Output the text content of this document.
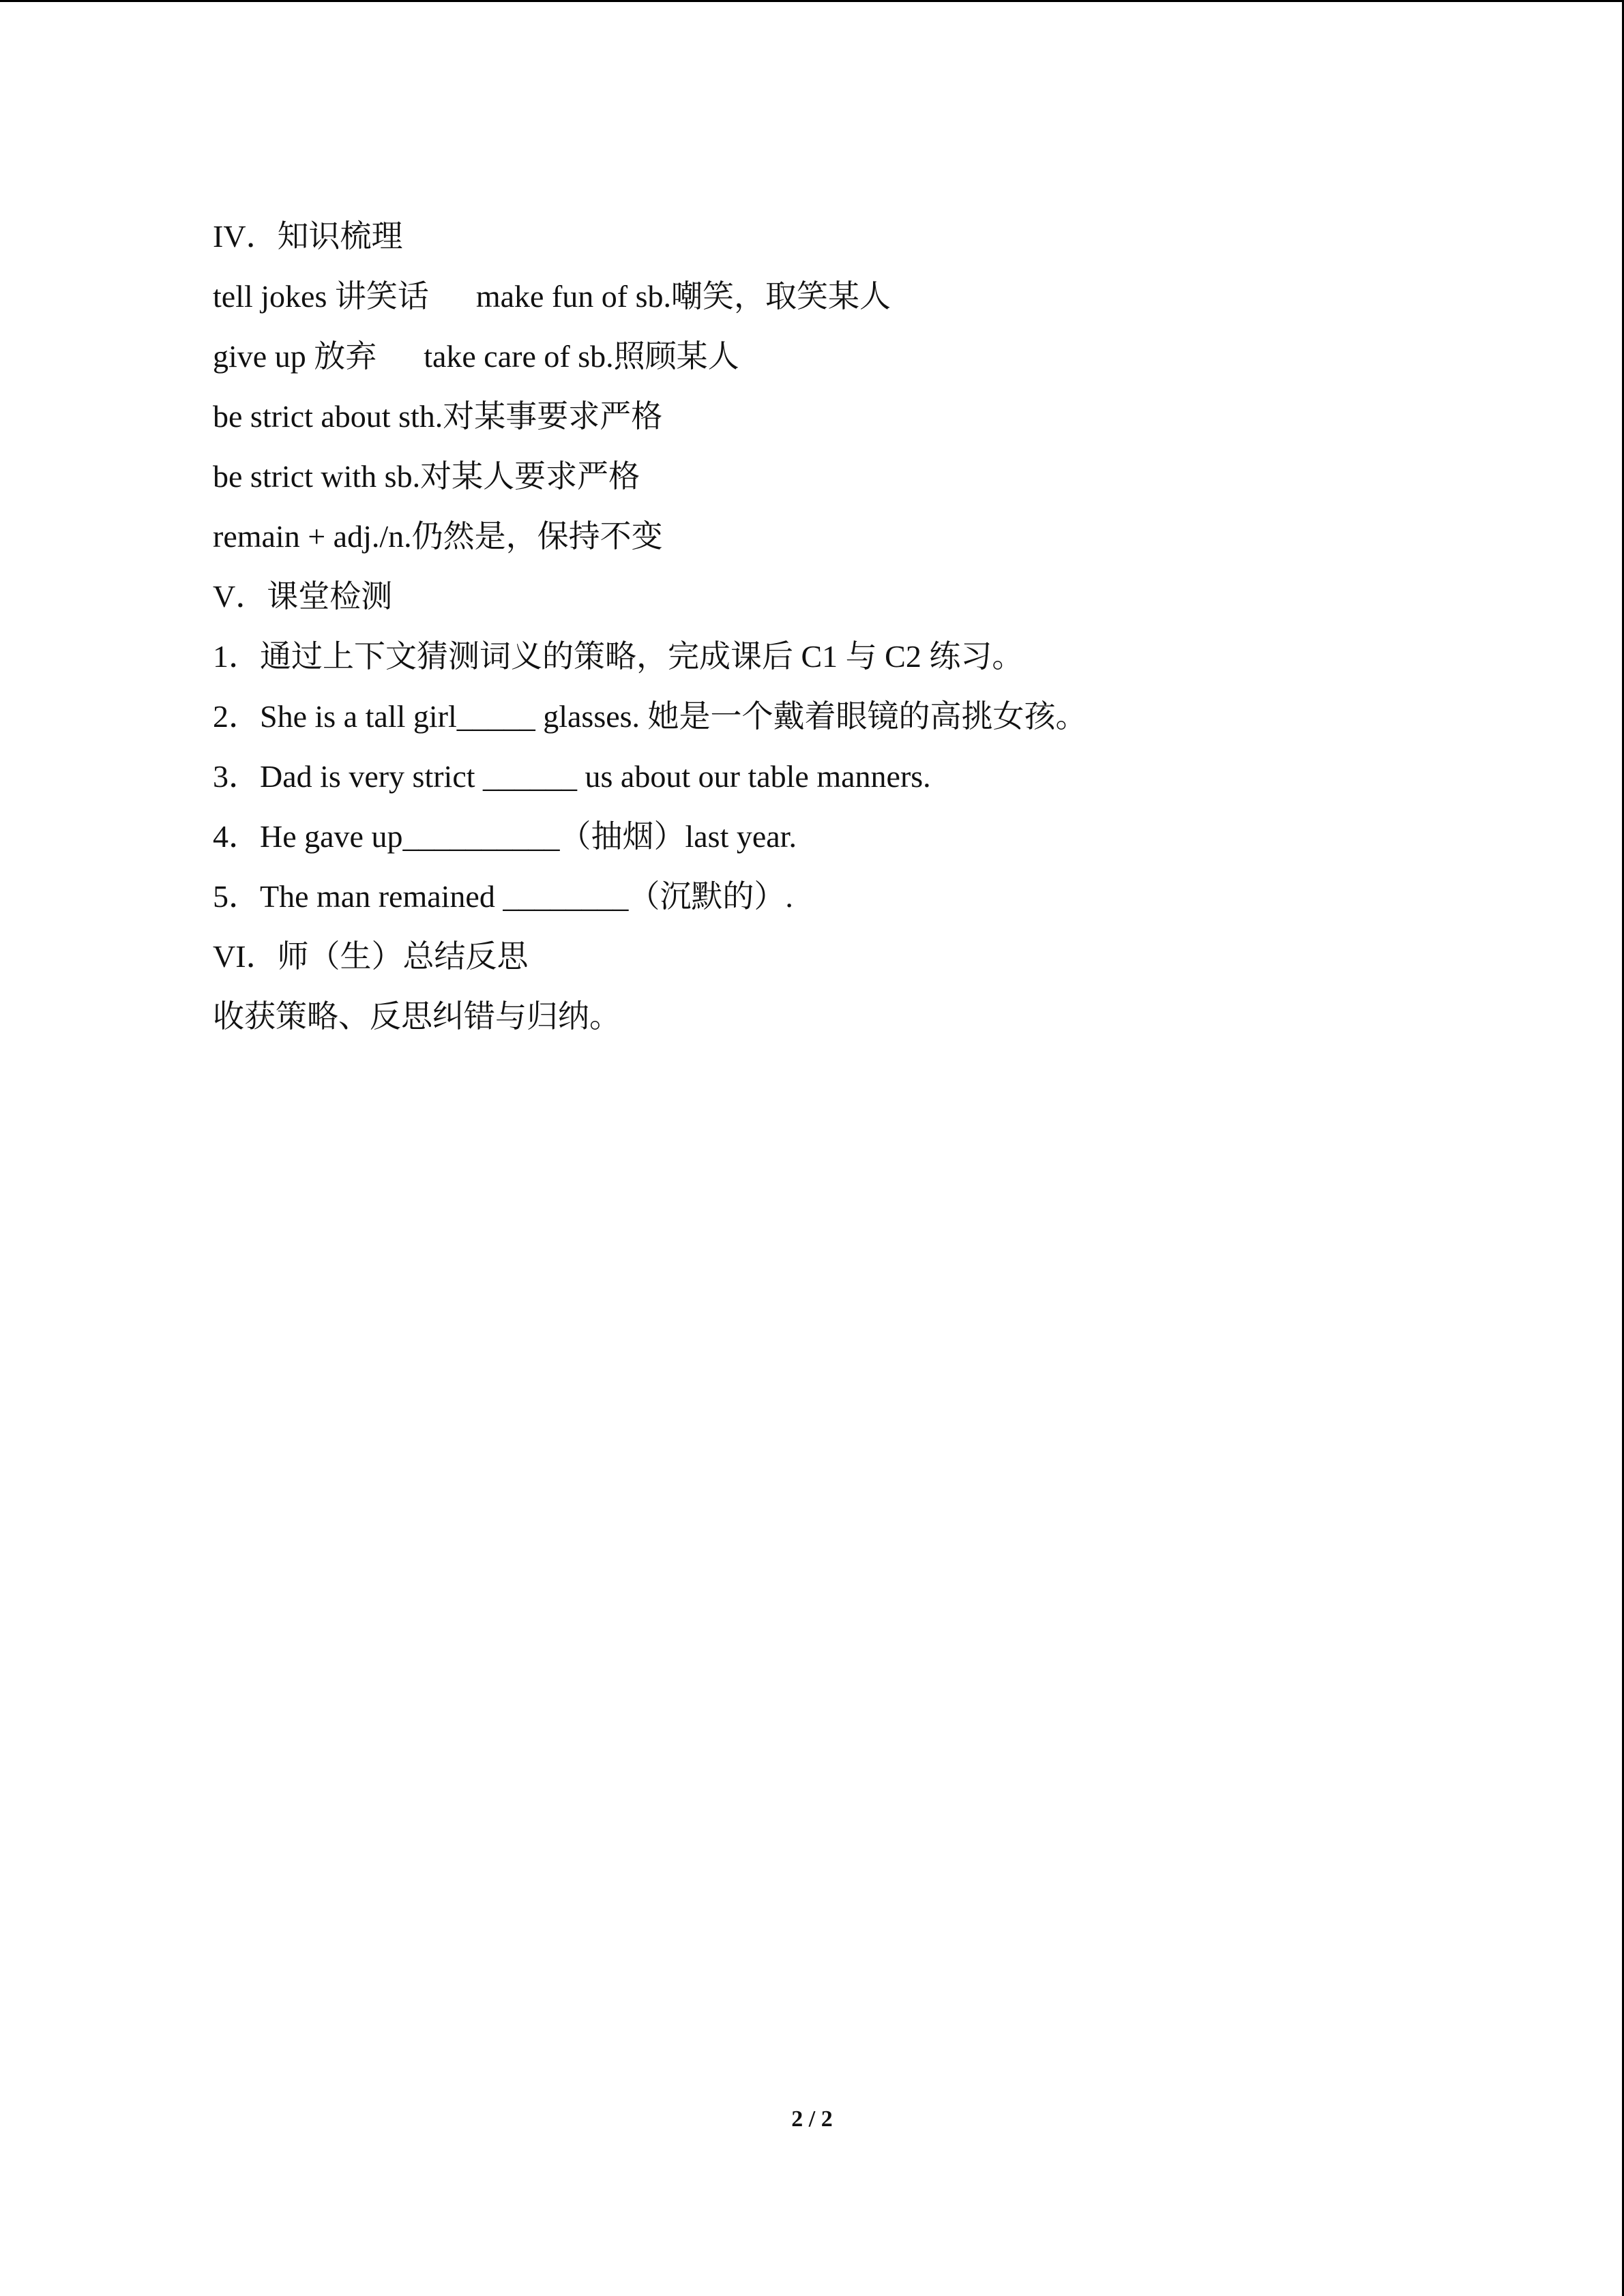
IV．知识梳理
tell jokes 讲笑话      make fun of sb.嘲笑，取笑某人
give up 放弃      take care of sb.照顾某人
be strict about sth.对某事要求严格
be strict with sb.对某人要求严格
remain + adj./n.仍然是，保持不变
V．课堂检测
1．通过上下文猜测词义的策略，完成课后 C1 与 C2 练习。
2．She is a tall girl_____ glasses. 她是一个戴着眼镜的高挑女孩。
3．Dad is very strict ______ us about our table manners.
4．He gave up__________（抽烟）last year.
5．The man remained ________（沉默的）.
VI．师（生）总结反思
收获策略、反思纠错与归纳。
2 / 2
